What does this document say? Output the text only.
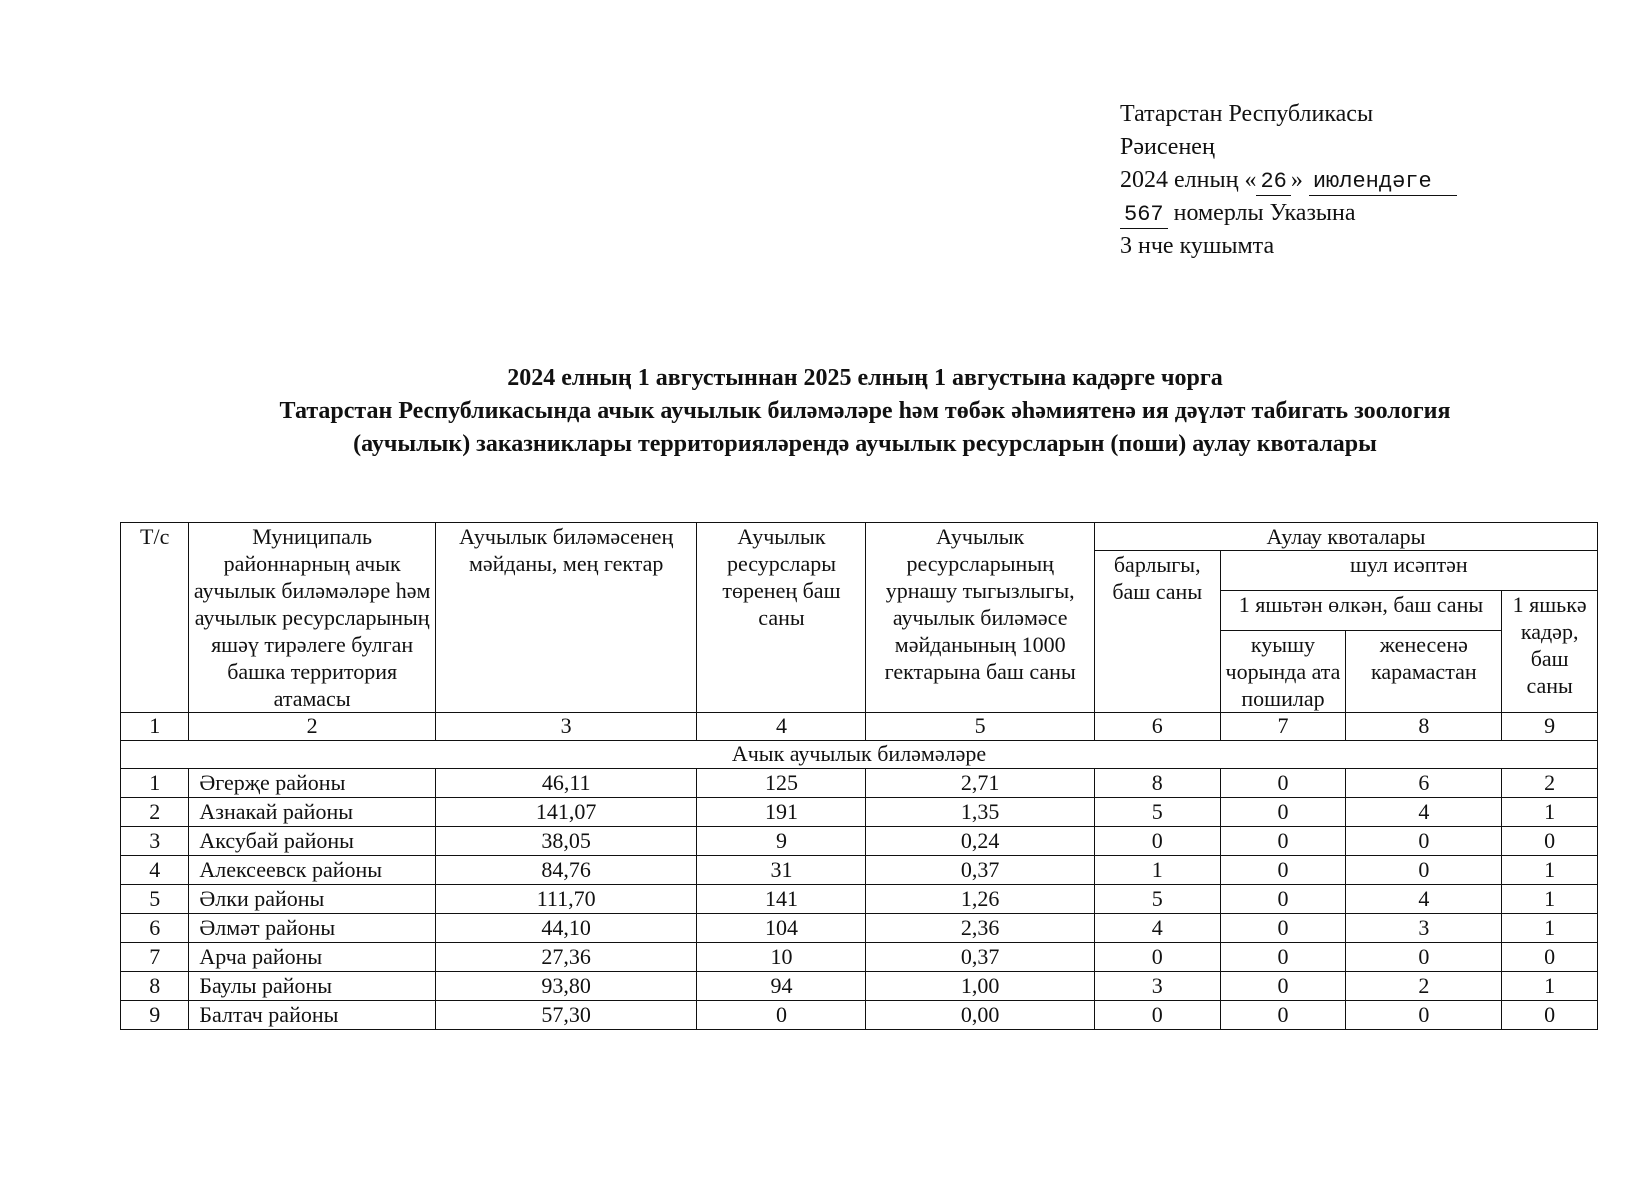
Татарстан Республикасы
Рәисенең
2024 елның « 26 » июлендәге
567 номерлы Указына
3 нче кушымта
2024 елның 1 августыннан 2025 елның 1 августына кадәрге чорга
Татарстан Республикасында ачык аучылык биләмәләре һәм төбәк әһәмиятенә ия дәүләт табигать зоология
(аучылык) заказниклары территорияләрендә аучылык ресурсларын (поши) аулау квоталары
Т/с	Муниципаль районнарның ачык аучылык биләмәләре һәм аучылык ресурсларының яшәү тирәлеге булган башка территория атамасы	Аучылык биләмәсенең мәйданы, мең гектар	Аучылык ресурслары төренең баш саны	Аучылык ресурсларының урнашу тыгызлыгы, аучылык биләмәсе мәйданының 1000 гектарына баш саны	Аулау квоталары			
					барлыгы, баш саны	шул исәптән		
						1 яшьтән өлкән, баш саны		1 яшькә кадәр, баш саны
						куышу чорында ата пошилар	женесенә карамастан	
1	2	3	4	5	6	7	8	9
Ачык аучылык биләмәләре								
1	Әгерҗе районы	46,11	125	2,71	8	0	6	2
2	Азнакай районы	141,07	191	1,35	5	0	4	1
3	Аксубай районы	38,05	9	0,24	0	0	0	0
4	Алексеевск районы	84,76	31	0,37	1	0	0	1
5	Әлки районы	111,70	141	1,26	5	0	4	1
6	Әлмәт районы	44,10	104	2,36	4	0	3	1
7	Арча районы	27,36	10	0,37	0	0	0	0
8	Баулы районы	93,80	94	1,00	3	0	2	1
9	Балтач районы	57,30	0	0,00	0	0	0	0
